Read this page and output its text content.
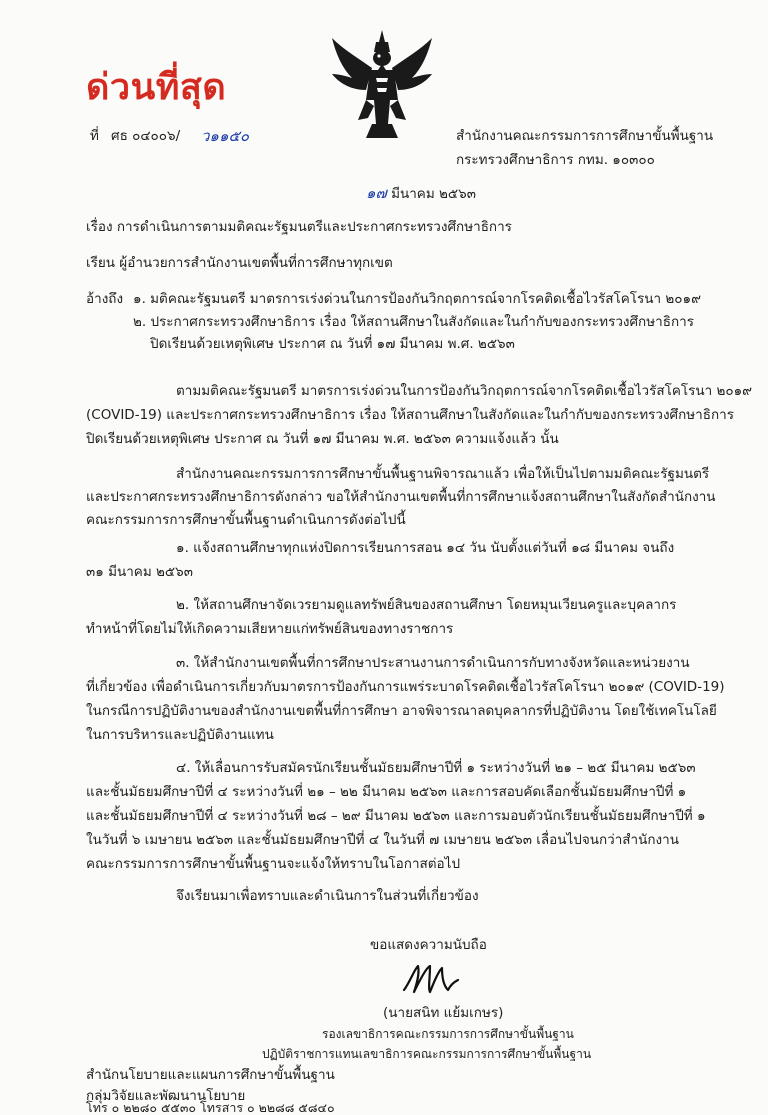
ด่วนที่สุด
ที่ ศธ ๐๔๐๐๖/ ว๑๑๕๐	สำนักงานคณะกรรมการการศึกษาขั้นพื้นฐาน
กระทรวงศึกษาธิการ กทม. ๑๐๓๐๐
๑๗ มีนาคม ๒๕๖๓
เรื่อง การดำเนินการตามมติคณะรัฐมนตรีและประกาศกระทรวงศึกษาธิการ
เรียน ผู้อำนวยการสำนักงานเขตพื้นที่การศึกษาทุกเขต
อ้างถึง ๑. มติคณะรัฐมนตรี มาตรการเร่งด่วนในการป้องกันวิกฤตการณ์จากโรคติดเชื้อไวรัสโคโรนา ๒๐๑๙
๒. ประกาศกระทรวงศึกษาธิการ เรื่อง ให้สถานศึกษาในสังกัดและในกำกับของกระทรวงศึกษาธิการ
ปิดเรียนด้วยเหตุพิเศษ ประกาศ ณ วันที่ ๑๗ มีนาคม พ.ศ. ๒๕๖๓
ตามมติคณะรัฐมนตรี มาตรการเร่งด่วนในการป้องกันวิกฤตการณ์จากโรคติดเชื้อไวรัสโคโรนา ๒๐๑๙
(COVID-19) และประกาศกระทรวงศึกษาธิการ เรื่อง ให้สถานศึกษาในสังกัดและในกำกับของกระทรวงศึกษาธิการ
ปิดเรียนด้วยเหตุพิเศษ ประกาศ ณ วันที่ ๑๗ มีนาคม พ.ศ. ๒๕๖๓ ความแจ้งแล้ว นั้น
สำนักงานคณะกรรมการการศึกษาขั้นพื้นฐานพิจารณาแล้ว เพื่อให้เป็นไปตามมติคณะรัฐมนตรี
และประกาศกระทรวงศึกษาธิการดังกล่าว ขอให้สำนักงานเขตพื้นที่การศึกษาแจ้งสถานศึกษาในสังกัดสำนักงาน
คณะกรรมการการศึกษาขั้นพื้นฐานดำเนินการดังต่อไปนี้
๑. แจ้งสถานศึกษาทุกแห่งปิดการเรียนการสอน ๑๔ วัน นับตั้งแต่วันที่ ๑๘ มีนาคม จนถึง
๓๑ มีนาคม ๒๕๖๓
๒. ให้สถานศึกษาจัดเวรยามดูแลทรัพย์สินของสถานศึกษา โดยหมุนเวียนครูและบุคลากร
ทำหน้าที่โดยไม่ให้เกิดความเสียหายแก่ทรัพย์สินของทางราชการ
๓. ให้สำนักงานเขตพื้นที่การศึกษาประสานงานการดำเนินการกับทางจังหวัดและหน่วยงาน
ที่เกี่ยวข้อง เพื่อดำเนินการเกี่ยวกับมาตรการป้องกันการแพร่ระบาดโรคติดเชื้อไวรัสโคโรนา ๒๐๑๙ (COVID-19)
ในกรณีการปฏิบัติงานของสำนักงานเขตพื้นที่การศึกษา อาจพิจารณาลดบุคลากรที่ปฏิบัติงาน โดยใช้เทคโนโลยี
ในการบริหารและปฏิบัติงานแทน
๔. ให้เลื่อนการรับสมัครนักเรียนชั้นมัธยมศึกษาปีที่ ๑ ระหว่างวันที่ ๒๑ – ๒๕ มีนาคม ๒๕๖๓
และชั้นมัธยมศึกษาปีที่ ๔ ระหว่างวันที่ ๒๑ – ๒๒ มีนาคม ๒๕๖๓ และการสอบคัดเลือกชั้นมัธยมศึกษาปีที่ ๑
และชั้นมัธยมศึกษาปีที่ ๔ ระหว่างวันที่ ๒๘ – ๒๙ มีนาคม ๒๕๖๓ และการมอบตัวนักเรียนชั้นมัธยมศึกษาปีที่ ๑
ในวันที่ ๖ เมษายน ๒๕๖๓ และชั้นมัธยมศึกษาปีที่ ๔ ในวันที่ ๗ เมษายน ๒๕๖๓ เลื่อนไปจนกว่าสำนักงาน
คณะกรรมการการศึกษาขั้นพื้นฐานจะแจ้งให้ทราบในโอกาสต่อไป
จึงเรียนมาเพื่อทราบและดำเนินการในส่วนที่เกี่ยวข้อง
ขอแสดงความนับถือ
(นายสนิท แย้มเกษร)
รองเลขาธิการคณะกรรมการการศึกษาขั้นพื้นฐาน
ปฏิบัติราชการแทนเลขาธิการคณะกรรมการการศึกษาขั้นพื้นฐาน
สำนักนโยบายและแผนการศึกษาขั้นพื้นฐาน
กลุ่มวิจัยและพัฒนานโยบาย
โทร ๐ ๒๒๘๐ ๕๕๓๐ โทรสาร ๐ ๒๒๘๘ ๕๘๔๐
